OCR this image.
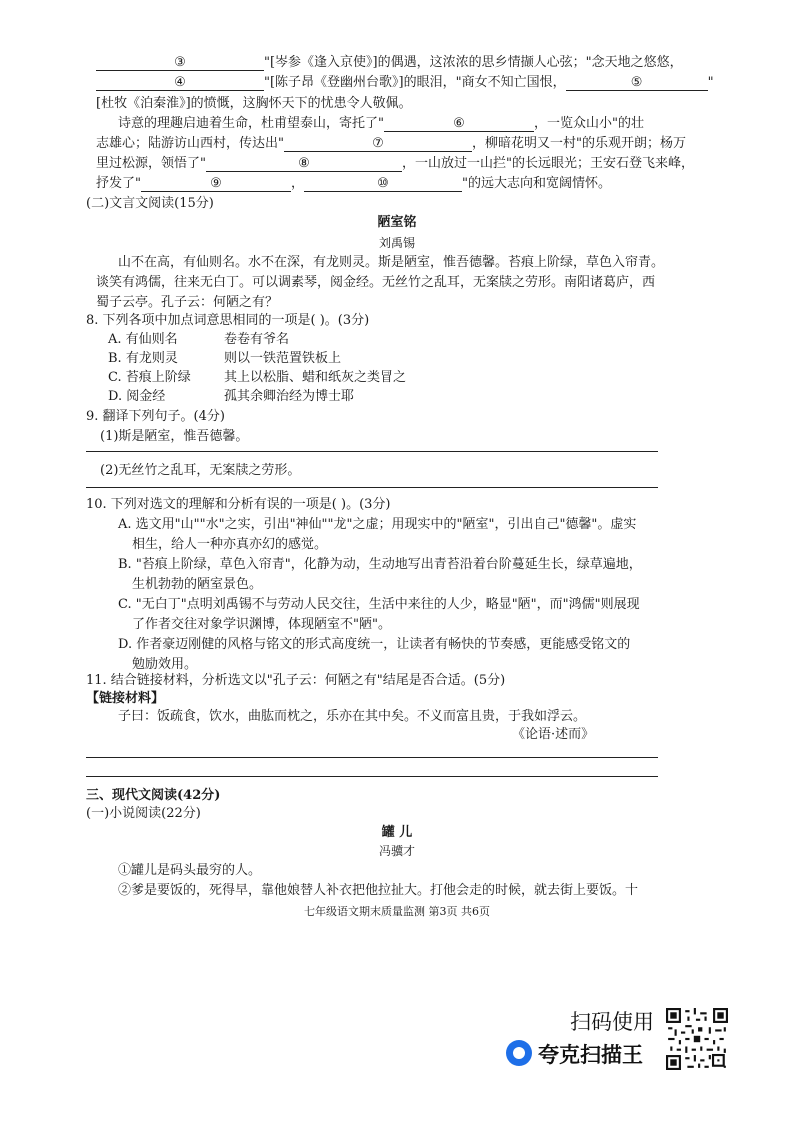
③	"[岑参《逢入京使》]的偶遇，这浓浓的思乡情撷人心弦；"念天地之悠悠，
④	"[陈子昂《登幽州台歌》]的眼泪，"商女不知亡国恨，	⑤	"
[杜牧《泊秦淮》]的愤慨，这胸怀天下的忧患令人敬佩。
诗意的理趣启迪着生命，杜甫望泰山，寄托了"	⑥	，一览众山小"的壮
志雄心；陆游访山西村，传达出"	⑦	，柳暗花明又一村"的乐观开朗；杨万
里过松源，领悟了"	⑧	，一山放过一山拦"的长远眼光；王安石登飞来峰，
抒发了"	⑨	，	⑩	"的远大志向和宽阔情怀。
(二)文言文阅读(15分)
陋室铭
刘禹锡
山不在高，有仙则名。水不在深，有龙则灵。斯是陋室，惟吾德馨。苔痕上阶绿，草色入帘青。
谈笑有鸿儒，往来无白丁。可以调素琴，阅金经。无丝竹之乱耳，无案牍之劳形。南阳诸葛庐，西
蜀子云亭。孔子云：何陋之有？
8. 下列各项中加点词意思相同的一项是( )。(3分)
A. 有仙则名	卷卷有爷名
B. 有龙则灵	则以一铁范置铁板上
C. 苔痕上阶绿	其上以松脂、蜡和纸灰之类冒之
D. 阅金经	孤其余卿治经为博士耶
9. 翻译下列句子。(4分)
(1)斯是陋室，惟吾德馨。
(2)无丝竹之乱耳，无案牍之劳形。
10. 下列对选文的理解和分析有误的一项是( )。(3分)
A. 选文用"山""水"之实，引出"神仙""龙"之虚；用现实中的"陋室"，引出自己"德馨"。虚实
相生，给人一种亦真亦幻的感觉。
B. "苔痕上阶绿，草色入帘青"，化静为动，生动地写出青苔沿着台阶蔓延生长，绿草遍地，
生机勃勃的陋室景色。
C. "无白丁"点明刘禹锡不与劳动人民交往，生活中来往的人少，略显"陋"，而"鸿儒"则展现
了作者交往对象学识渊博，体现陋室不"陋"。
D. 作者豪迈刚健的风格与铭文的形式高度统一，让读者有畅快的节奏感，更能感受铭文的
勉励效用。
11. 结合链接材料，分析选文以"孔子云：何陋之有"结尾是否合适。(5分)
【链接材料】
子曰：饭疏食，饮水，曲肱而枕之，乐亦在其中矣。不义而富且贵，于我如浮云。
《论语·述而》
三、现代文阅读(42分)
(一)小说阅读(22分)
罐 儿
冯骥才
①罐儿是码头最穷的人。
②爹是要饭的，死得早，靠他娘替人补衣把他拉扯大。打他会走的时候，就去街上要饭。十
七年级语文期末质量监测 第3页 共6页
扫码使用
夸克扫描王
